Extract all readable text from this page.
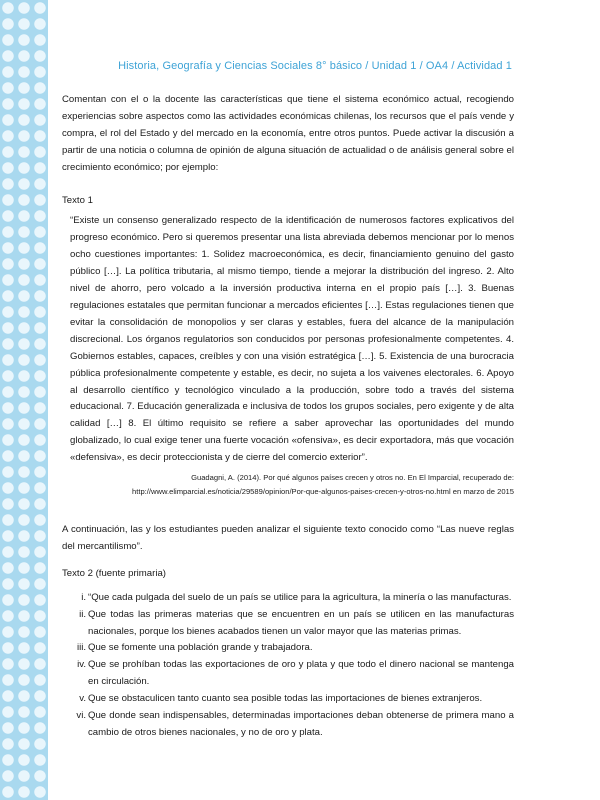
Historia, Geografía y Ciencias Sociales 8° básico / Unidad 1 / OA4 / Actividad 1

Comentan con el o la docente las características que tiene el sistema económico actual, recogiendo experiencias sobre aspectos como las actividades económicas chilenas, los recursos que el país vende y compra, el rol del Estado y del mercado en la economía, entre otros puntos. Puede activar la discusión a partir de una noticia o columna de opinión de alguna situación de actualidad o de análisis general sobre el crecimiento económico; por ejemplo:

Texto 1

“Existe un consenso generalizado respecto de la identificación de numerosos factores explicativos del progreso económico. Pero si queremos presentar una lista abreviada debemos mencionar por lo menos ocho cuestiones importantes: 1. Solidez macroeconómica, es decir, financiamiento genuino del gasto público […]. La política tributaria, al mismo tiempo, tiende a mejorar la distribución del ingreso. 2. Alto nivel de ahorro, pero volcado a la inversión productiva interna en el propio país […]. 3. Buenas regulaciones estatales que permitan funcionar a mercados eficientes […]. Estas regulaciones tienen que evitar la consolidación de monopolios y ser claras y estables, fuera del alcance de la manipulación discrecional. Los órganos regulatorios son conducidos por personas profesionalmente competentes. 4. Gobiernos estables, capaces, creíbles y con una visión estratégica […]. 5. Existencia de una burocracia pública profesionalmente competente y estable, es decir, no sujeta a los vaivenes electorales. 6. Apoyo al desarrollo científico y tecnológico vinculado a la producción, sobre todo a través del sistema educacional. 7. Educación generalizada e inclusiva de todos los grupos sociales, pero exigente y de alta calidad […] 8. El último requisito se refiere a saber aprovechar las oportunidades del mundo globalizado, lo cual exige tener una fuerte vocación «ofensiva», es decir exportadora, más que vocación «defensiva», es decir proteccionista y de cierre del comercio exterior”.

Guadagni, A. (2014). Por qué algunos países crecen y otros no. En El Imparcial, recuperado de:
http://www.elimparcial.es/noticia/29589/opinion/Por-que-algunos-paises-crecen-y-otros-no.html en marzo de 2015

A continuación, las y los estudiantes pueden analizar el siguiente texto conocido como “Las nueve reglas del mercantilismo”.

Texto 2 (fuente primaria)

i. “Que cada pulgada del suelo de un país se utilice para la agricultura, la minería o las manufacturas.
ii. Que todas las primeras materias que se encuentren en un país se utilicen en las manufacturas nacionales, porque los bienes acabados tienen un valor mayor que las materias primas.
iii. Que se fomente una población grande y trabajadora.
iv. Que se prohíban todas las exportaciones de oro y plata y que todo el dinero nacional se mantenga en circulación.
v. Que se obstaculicen tanto cuanto sea posible todas las importaciones de bienes extranjeros.
vi. Que donde sean indispensables, determinadas importaciones deban obtenerse de primera mano a cambio de otros bienes nacionales, y no de oro y plata.
